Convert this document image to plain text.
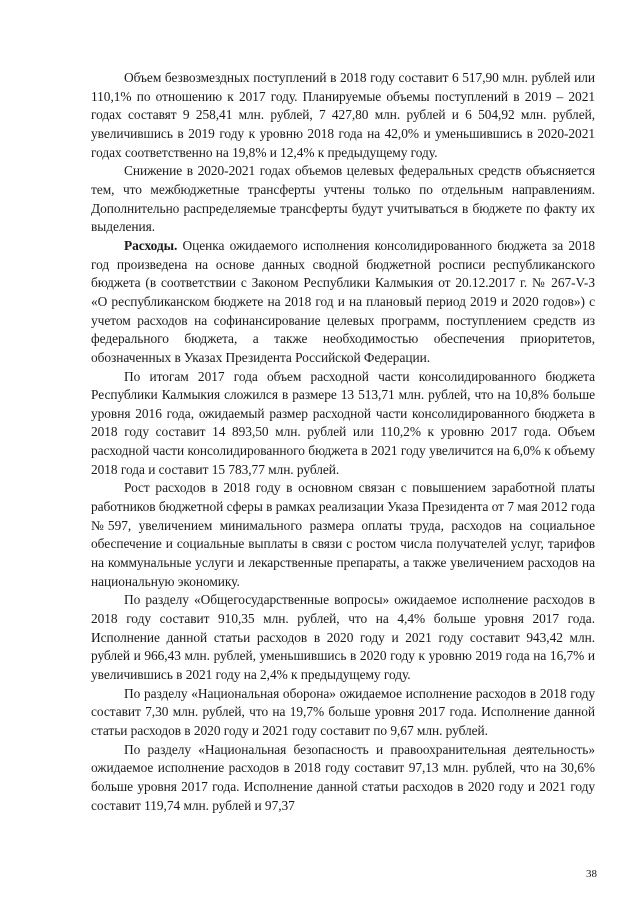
Объем безвозмездных поступлений в 2018 году составит 6 517,90 млн. рублей или 110,1% по отношению к 2017 году. Планируемые объемы поступлений в 2019 – 2021 годах составят 9 258,41 млн. рублей, 7 427,80 млн. рублей и 6 504,92 млн. рублей, увеличившись в 2019 году к уровню 2018 года на 42,0% и уменьшившись в 2020-2021 годах соответственно на 19,8% и 12,4% к предыдущему году.

Снижение в 2020-2021 годах объемов целевых федеральных средств объясняется тем, что межбюджетные трансферты учтены только по отдельным направлениям. Дополнительно распределяемые трансферты будут учитываться в бюджете по факту их выделения.

Расходы. Оценка ожидаемого исполнения консолидированного бюджета за 2018 год произведена на основе данных сводной бюджетной росписи республиканского бюджета (в соответствии с Законом Республики Калмыкия от 20.12.2017 г. № 267-V-З «О республиканском бюджете на 2018 год и на плановый период 2019 и 2020 годов») с учетом расходов на софинансирование целевых программ, поступлением средств из федерального бюджета, а также необходимостью обеспечения приоритетов, обозначенных в Указах Президента Российской Федерации.

По итогам 2017 года объем расходной части консолидированного бюджета Республики Калмыкия сложился в размере 13 513,71 млн. рублей, что на 10,8% больше уровня 2016 года, ожидаемый размер расходной части консолидированного бюджета в 2018 году составит 14 893,50 млн. рублей или 110,2% к уровню 2017 года. Объем расходной части консолидированного бюджета в 2021 году увеличится на 6,0% к объему 2018 года и составит 15 783,77 млн. рублей.

Рост расходов в 2018 году в основном связан с повышением заработной платы работников бюджетной сферы в рамках реализации Указа Президента от 7 мая 2012 года №597, увеличением минимального размера оплаты труда, расходов на социальное обеспечение и социальные выплаты в связи с ростом числа получателей услуг, тарифов на коммунальные услуги и лекарственные препараты, а также увеличением расходов на национальную экономику.

По разделу «Общегосударственные вопросы» ожидаемое исполнение расходов в 2018 году составит 910,35 млн. рублей, что на 4,4% больше уровня 2017 года. Исполнение данной статьи расходов в 2020 году и 2021 году составит 943,42 млн. рублей и 966,43 млн. рублей, уменьшившись в 2020 году к уровню 2019 года на 16,7% и увеличившись в 2021 году на 2,4% к предыдущему году.

По разделу «Национальная оборона» ожидаемое исполнение расходов в 2018 году составит 7,30 млн. рублей, что на 19,7% больше уровня 2017 года. Исполнение данной статьи расходов в 2020 году и 2021 году составит по 9,67 млн. рублей.

По разделу «Национальная безопасность и правоохранительная деятельность» ожидаемое исполнение расходов в 2018 году составит 97,13 млн. рублей, что на 30,6% больше уровня 2017 года. Исполнение данной статьи расходов в 2020 году и 2021 году составит 119,74 млн. рублей и 97,37

38
